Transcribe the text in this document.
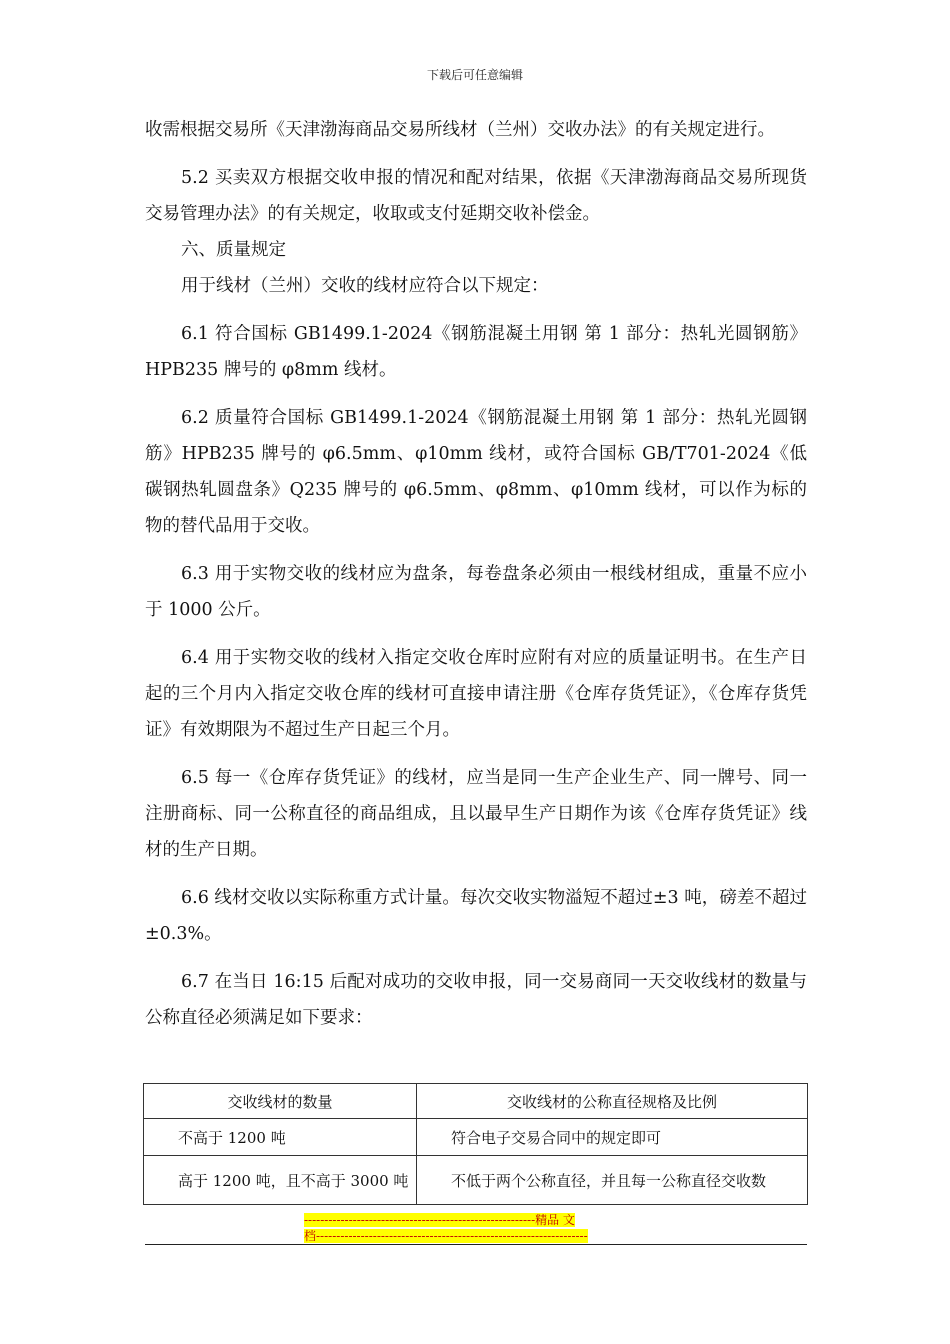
下载后可任意编辑

收需根据交易所《天津渤海商品交易所线材（兰州）交收办法》的有关规定进行。

5.2 买卖双方根据交收申报的情况和配对结果，依据《天津渤海商品交易所现货交易管理办法》的有关规定，收取或支付延期交收补偿金。

六、质量规定

用于线材（兰州）交收的线材应符合以下规定：

6.1 符合国标 GB1499.1-2024《钢筋混凝土用钢 第 1 部分：热轧光圆钢筋》HPB235 牌号的 φ8mm 线材。

6.2 质量符合国标 GB1499.1-2024《钢筋混凝土用钢 第 1 部分：热轧光圆钢筋》HPB235 牌号的 φ6.5mm、φ10mm 线材，或符合国标 GB/T701-2024《低碳钢热轧圆盘条》Q235 牌号的 φ6.5mm、φ8mm、φ10mm 线材，可以作为标的物的替代品用于交收。

6.3 用于实物交收的线材应为盘条，每卷盘条必须由一根线材组成，重量不应小于 1000 公斤。

6.4 用于实物交收的线材入指定交收仓库时应附有对应的质量证明书。在生产日起的三个月内入指定交收仓库的线材可直接申请注册《仓库存货凭证》，《仓库存货凭证》有效期限为不超过生产日起三个月。

6.5 每一《仓库存货凭证》的线材，应当是同一生产企业生产、同一牌号、同一注册商标、同一公称直径的商品组成，且以最早生产日期作为该《仓库存货凭证》线材的生产日期。

6.6 线材交收以实际称重方式计量。每次交收实物溢短不超过±3 吨，磅差不超过±0.3%。

6.7 在当日 16:15 后配对成功的交收申报，同一交易商同一天交收线材的数量与公称直径必须满足如下要求：

交收线材的数量	交收线材的公称直径规格及比例
不高于 1200 吨	符合电子交易合同中的规定即可
高于 1200 吨，且不高于 3000 吨	不低于两个公称直径，并且每一公称直径交收数
---------------------------------------------------------精品 文
档-------------------------------------------------------------------
